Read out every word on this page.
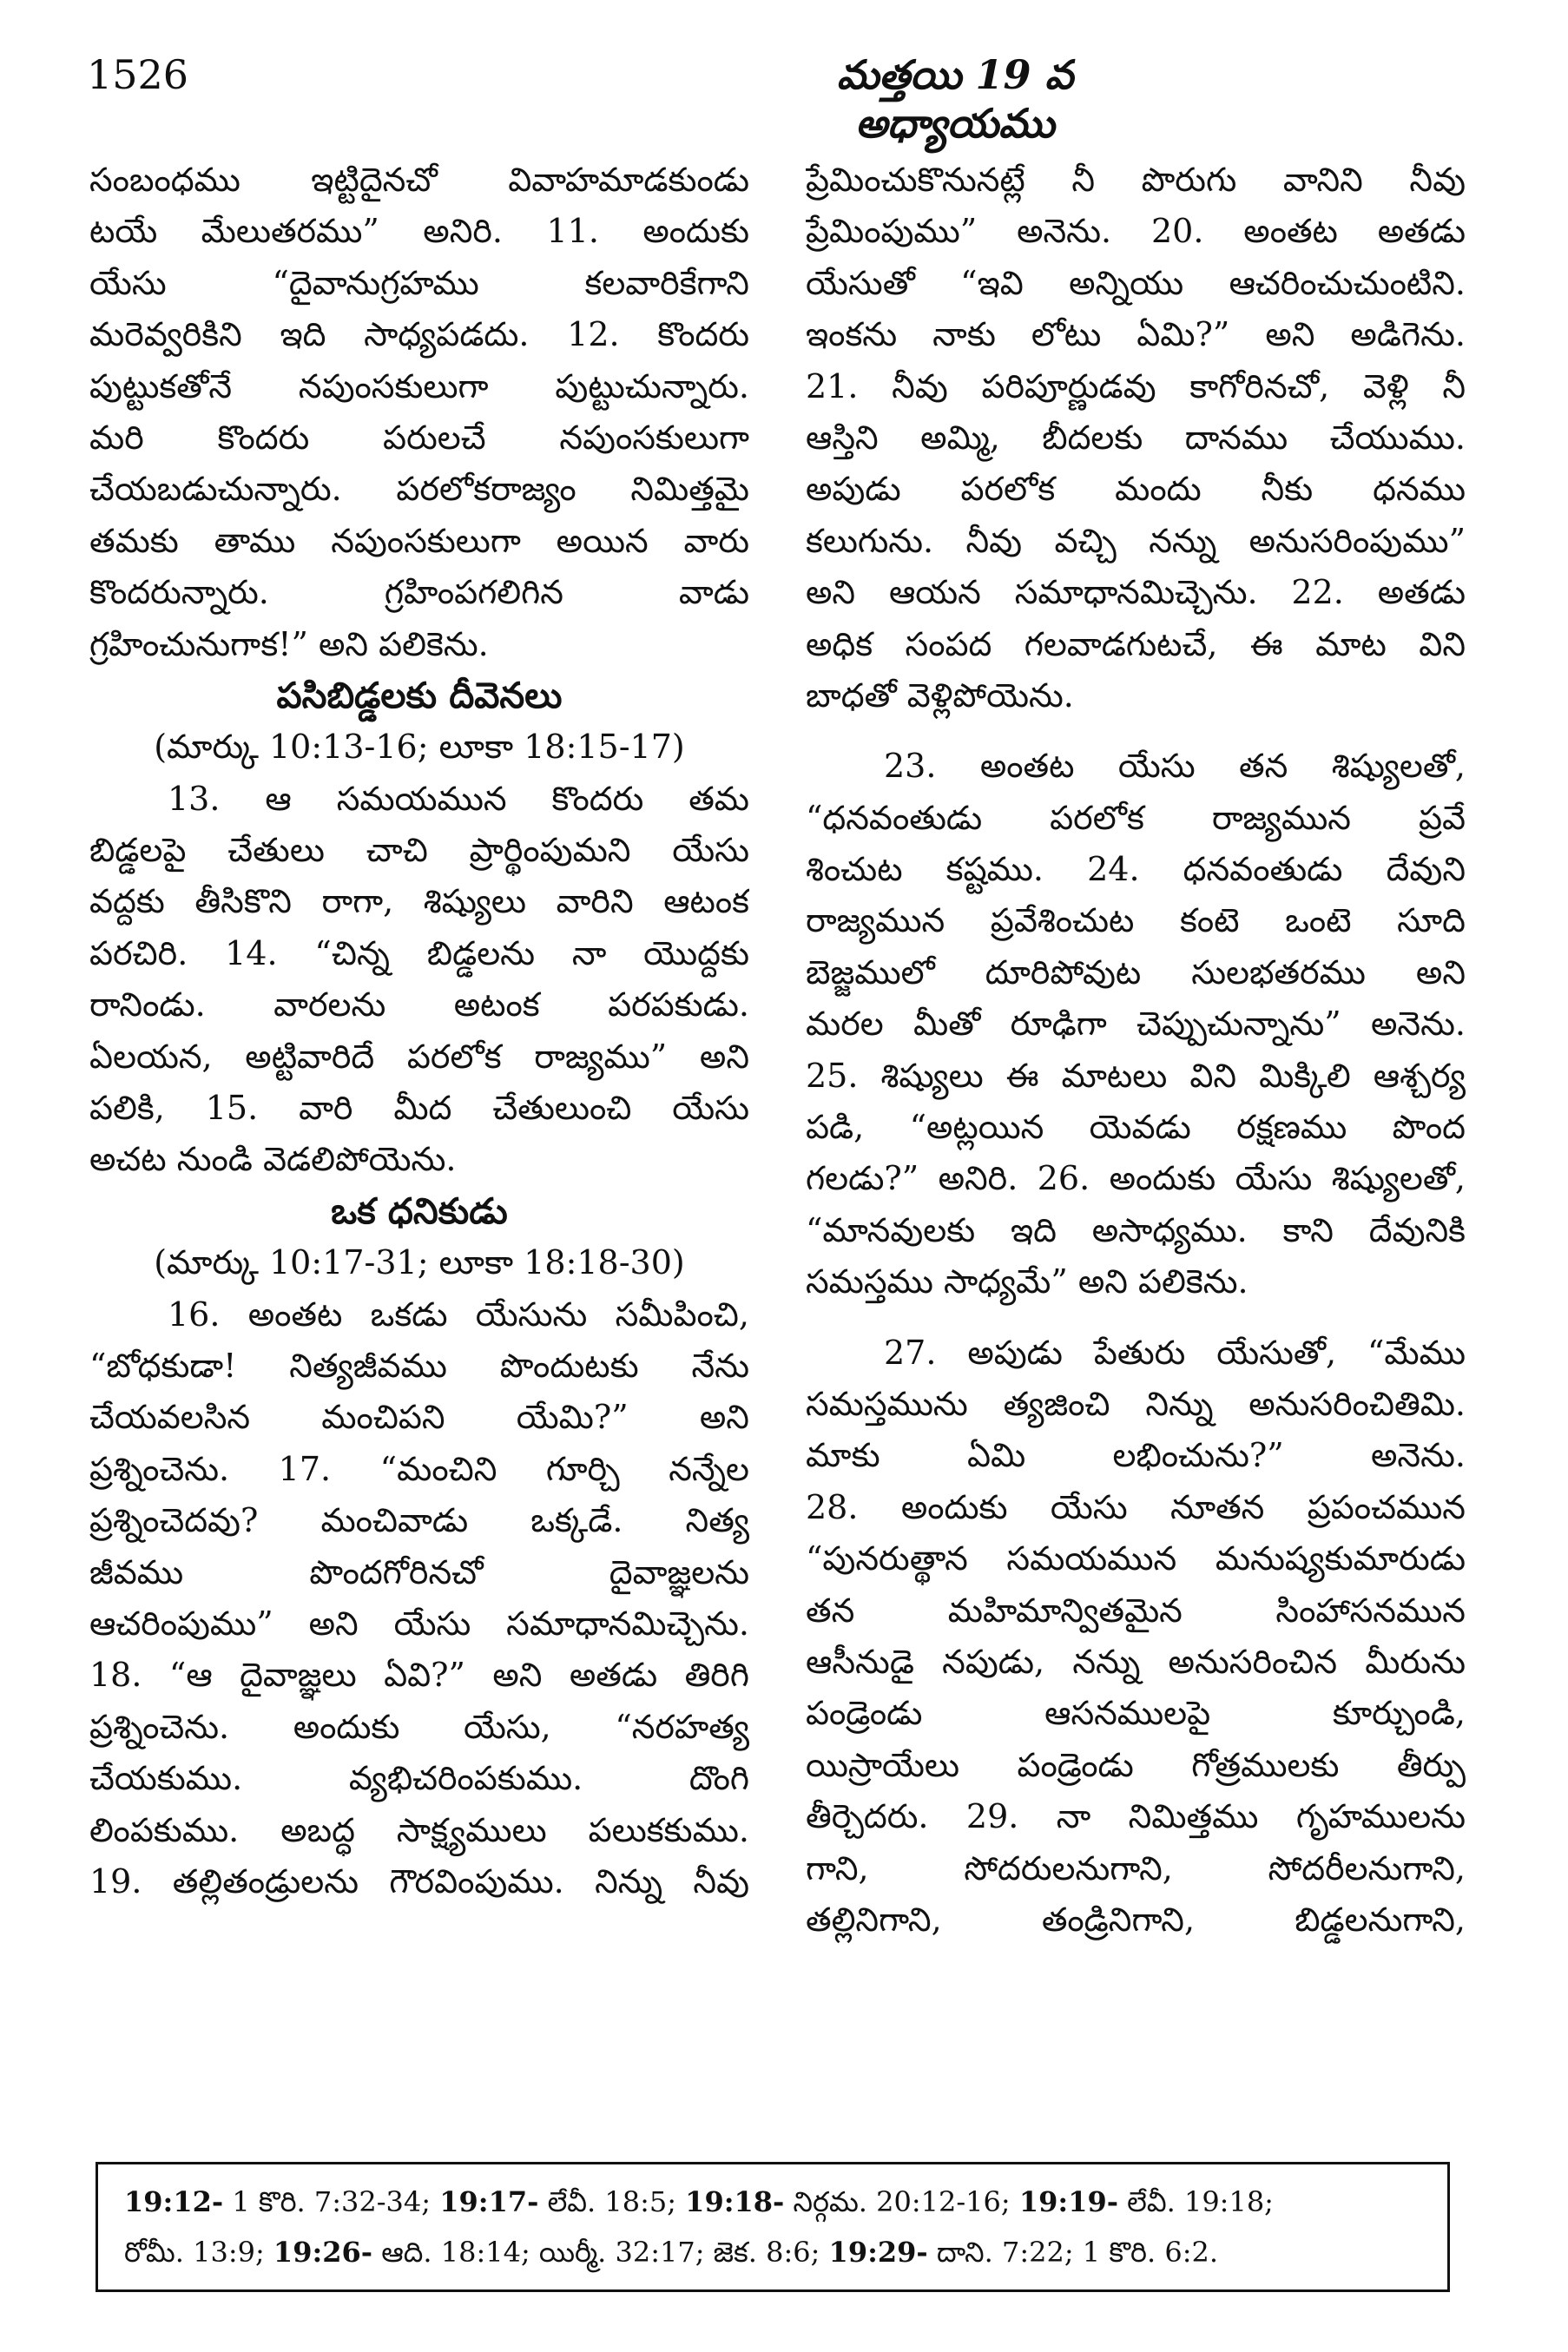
1526	మత్తయి 19 వ అధ్యాయము
సంబంధము ఇట్టిదైనచో వివాహమాడకుండు
టయే మేలుతరము” అనిరి. 11. అందుకు
యేసు “దైవానుగ్రహము కలవారికేగాని
మరెవ్వరికిని ఇది సాధ్యపడదు. 12. కొందరు
పుట్టుకతోనే నపుంసకులుగా పుట్టుచున్నారు.
మరి కొందరు పరులచే నపుంసకులుగా
చేయబడుచున్నారు. పరలోకరాజ్యం నిమిత్తమై
తమకు తాము నపుంసకులుగా అయిన వారు
కొందరున్నారు. గ్రహింపగలిగిన వాడు
గ్రహించునుగాక!” అని పలికెను.
పసిబిడ్డలకు దీవెనలు
(మార్కు 10:13-16; లూకా 18:15-17)
13. ఆ సమయమున కొందరు తమ
బిడ్డలపై చేతులు చాచి ప్రార్థింపుమని యేసు
వద్దకు తీసికొని రాగా, శిష్యులు వారిని ఆటంక
పరచిరి. 14. “చిన్న బిడ్డలను నా యొద్దకు
రానిండు. వారలను అటంక పరపకుడు.
ఏలయన, అట్టివారిదే పరలోక రాజ్యము” అని
పలికి, 15. వారి మీద చేతులుంచి యేసు
అచట నుండి వెడలిపోయెను.
ఒక ధనికుడు
(మార్కు 10:17-31; లూకా 18:18-30)
16. అంతట ఒకడు యేసును సమీపించి,
“బోధకుడా! నిత్యజీవము పొందుటకు నేను
చేయవలసిన మంచిపని యేమి?” అని
ప్రశ్నించెను. 17. “మంచిని గూర్చి నన్నేల
ప్రశ్నించెదవు? మంచివాడు ఒక్కడే. నిత్య
జీవము పొందగోరినచో దైవాజ్ఞలను
ఆచరింపుము” అని యేసు సమాధానమిచ్చెను.
18. “ఆ దైవాజ్ఞలు ఏవి?” అని అతడు తిరిగి
ప్రశ్నించెను. అందుకు యేసు, “నరహత్య
చేయకుము. వ్యభిచరింపకుము. దొంగి
లింపకుము. అబద్ధ సాక్ష్యములు పలుకకుము.
19. తల్లితండ్రులను గౌరవింపుము. నిన్ను నీవు
ప్రేమించుకొనునట్లే నీ పొరుగు వానిని నీవు
ప్రేమింపుము” అనెను. 20. అంతట అతడు
యేసుతో “ఇవి అన్నియు ఆచరించుచుంటిని.
ఇంకను నాకు లోటు ఏమి?” అని అడిగెను.
21. నీవు పరిపూర్ణుడవు కాగోరినచో, వెళ్లి నీ
ఆస్తిని అమ్మి, బీదలకు దానము చేయుము.
అపుడు పరలోక మందు నీకు ధనము
కలుగును. నీవు వచ్చి నన్ను అనుసరింపుము”
అని ఆయన సమాధానమిచ్చెను. 22. అతడు
అధిక సంపద గలవాడగుటచే, ఈ మాట విని
బాధతో వెళ్లిపోయెను.
23. అంతట యేసు తన శిష్యులతో,
“ధనవంతుడు పరలోక రాజ్యమున ప్రవే
శించుట కష్టము. 24. ధనవంతుడు దేవుని
రాజ్యమున ప్రవేశించుట కంటె ఒంటె సూది
బెజ్జములో దూరిపోవుట సులభతరము అని
మరల మీతో రూఢిగా చెప్పుచున్నాను” అనెను.
25. శిష్యులు ఈ మాటలు విని మిక్కిలి ఆశ్చర్య
పడి, “అట్లయిన యెవడు రక్షణము పొంద
గలడు?” అనిరి. 26. అందుకు యేసు శిష్యులతో,
“మానవులకు ఇది అసాధ్యము. కాని దేవునికి
సమస్తము సాధ్యమే” అని పలికెను.
27. అపుడు పేతురు యేసుతో, “మేము
సమస్తమును త్యజించి నిన్ను అనుసరించితిమి.
మాకు ఏమి లభించును?” అనెను.
28. అందుకు యేసు నూతన ప్రపంచమున
“పునరుత్థాన సమయమున మనుష్యకుమారుడు
తన మహిమాన్వితమైన సింహాసనమున
ఆసీనుడై నపుడు, నన్ను అనుసరించిన మీరును
పండ్రెండు ఆసనములపై కూర్చుండి,
యిస్రాయేలు పండ్రెండు గోత్రములకు తీర్పు
తీర్చెదరు. 29. నా నిమిత్తము గృహములను
గాని, సోదరులనుగాని, సోదరీలనుగాని,
తల్లినిగాని, తండ్రినిగాని, బిడ్డలనుగాని,
19:12- 1 కొరి. 7:32-34; 19:17- లేవీ. 18:5; 19:18- నిర్గమ. 20:12-16; 19:19- లేవీ. 19:18;
రోమీ. 13:9; 19:26- ఆది. 18:14; యిర్మీ. 32:17; జెక. 8:6; 19:29- దాని. 7:22; 1 కొరి. 6:2.
